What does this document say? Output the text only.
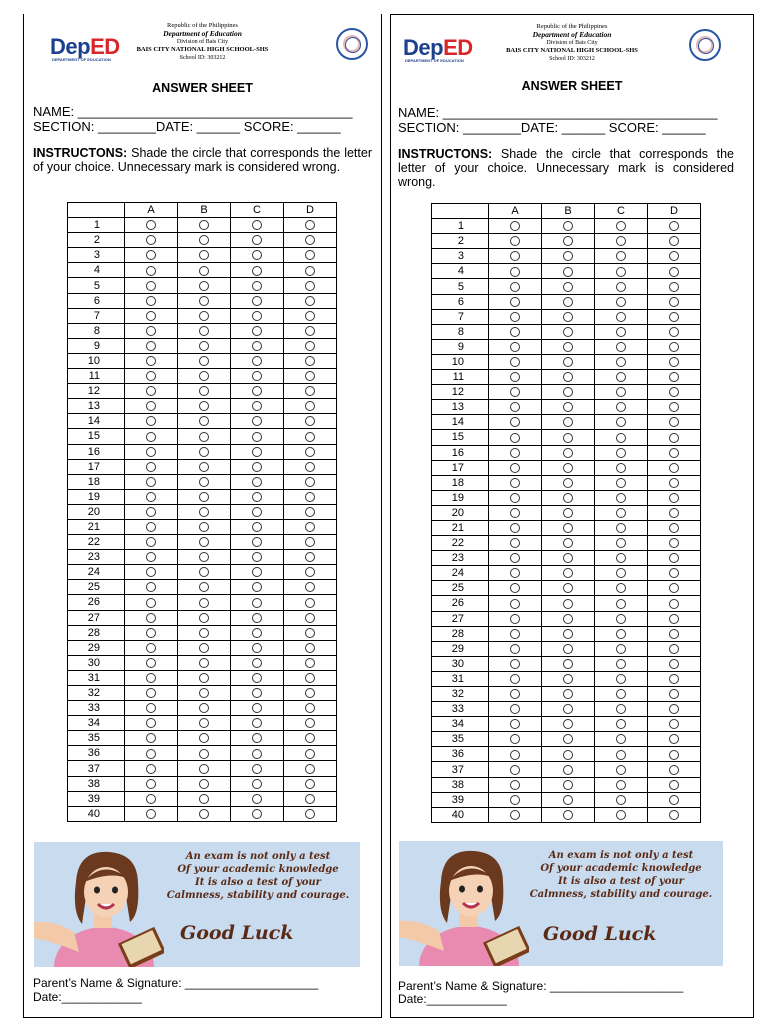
DepED
DEPARTMENT OF EDUCATION
Republic of the Philippines
Department of Education
Division of Bais City
BAIS CITY NATIONAL HIGH SCHOOL-SHS
School ID: 303212
ANSWER SHEET
NAME: ______________________________________
SECTION: ________DATE: ______ SCORE: ______
INSTRUCTONS: Shade the circle that corresponds the letter of your choice. Unnecessary mark is considered wrong.
	A	B	C	D
1				
2				
3				
4				
5				
6				
7				
8				
9				
10				
11				
12				
13				
14				
15				
16				
17				
18				
19				
20				
21				
22				
23				
24				
25				
26				
27				
28				
29				
30				
31				
32				
33				
34				
35				
36				
37				
38				
39				
40				
An exam is not only a test
Of your academic knowledge
It is also a test of your
Calmness, stability and courage.
Good Luck
Parent’s Name & Signature: ____________________
Date:____________
DepED
DEPARTMENT OF EDUCATION
Republic of the Philippines
Department of Education
Division of Bais City
BAIS CITY NATIONAL HIGH SCHOOL-SHS
School ID: 303212
ANSWER SHEET
NAME: ______________________________________
SECTION: ________DATE: ______ SCORE: ______
INSTRUCTONS: Shade the circle that corresponds the letter of your choice. Unnecessary mark is considered wrong.
	A	B	C	D
1				
2				
3				
4				
5				
6				
7				
8				
9				
10				
11				
12				
13				
14				
15				
16				
17				
18				
19				
20				
21				
22				
23				
24				
25				
26				
27				
28				
29				
30				
31				
32				
33				
34				
35				
36				
37				
38				
39				
40				
An exam is not only a test
Of your academic knowledge
It is also a test of your
Calmness, stability and courage.
Good Luck
Parent’s Name & Signature: ____________________
Date:____________
